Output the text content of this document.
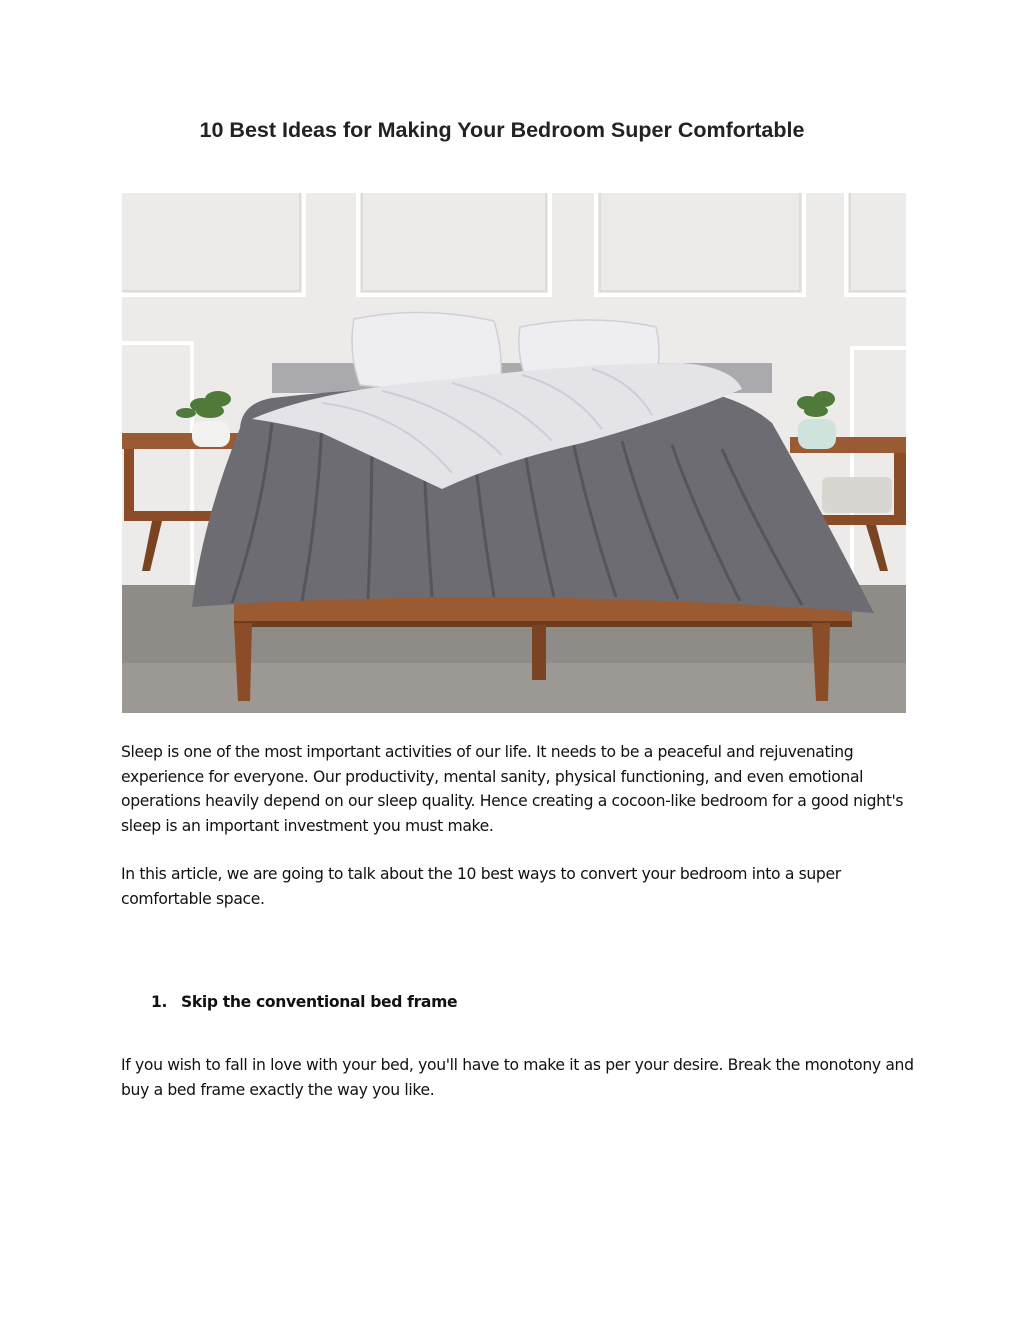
10 Best Ideas for Making Your Bedroom Super Comfortable

Sleep is one of the most important activities of our life. It needs to be a peaceful and rejuvenating experience for everyone. Our productivity, mental sanity, physical functioning, and even emotional operations heavily depend on our sleep quality. Hence creating a cocoon-like bedroom for a good night's sleep is an important investment you must make.

In this article, we are going to talk about the 10 best ways to convert your bedroom into a super comfortable space.

1. Skip the conventional bed frame

If you wish to fall in love with your bed, you'll have to make it as per your desire. Break the monotony and buy a bed frame exactly the way you like.
